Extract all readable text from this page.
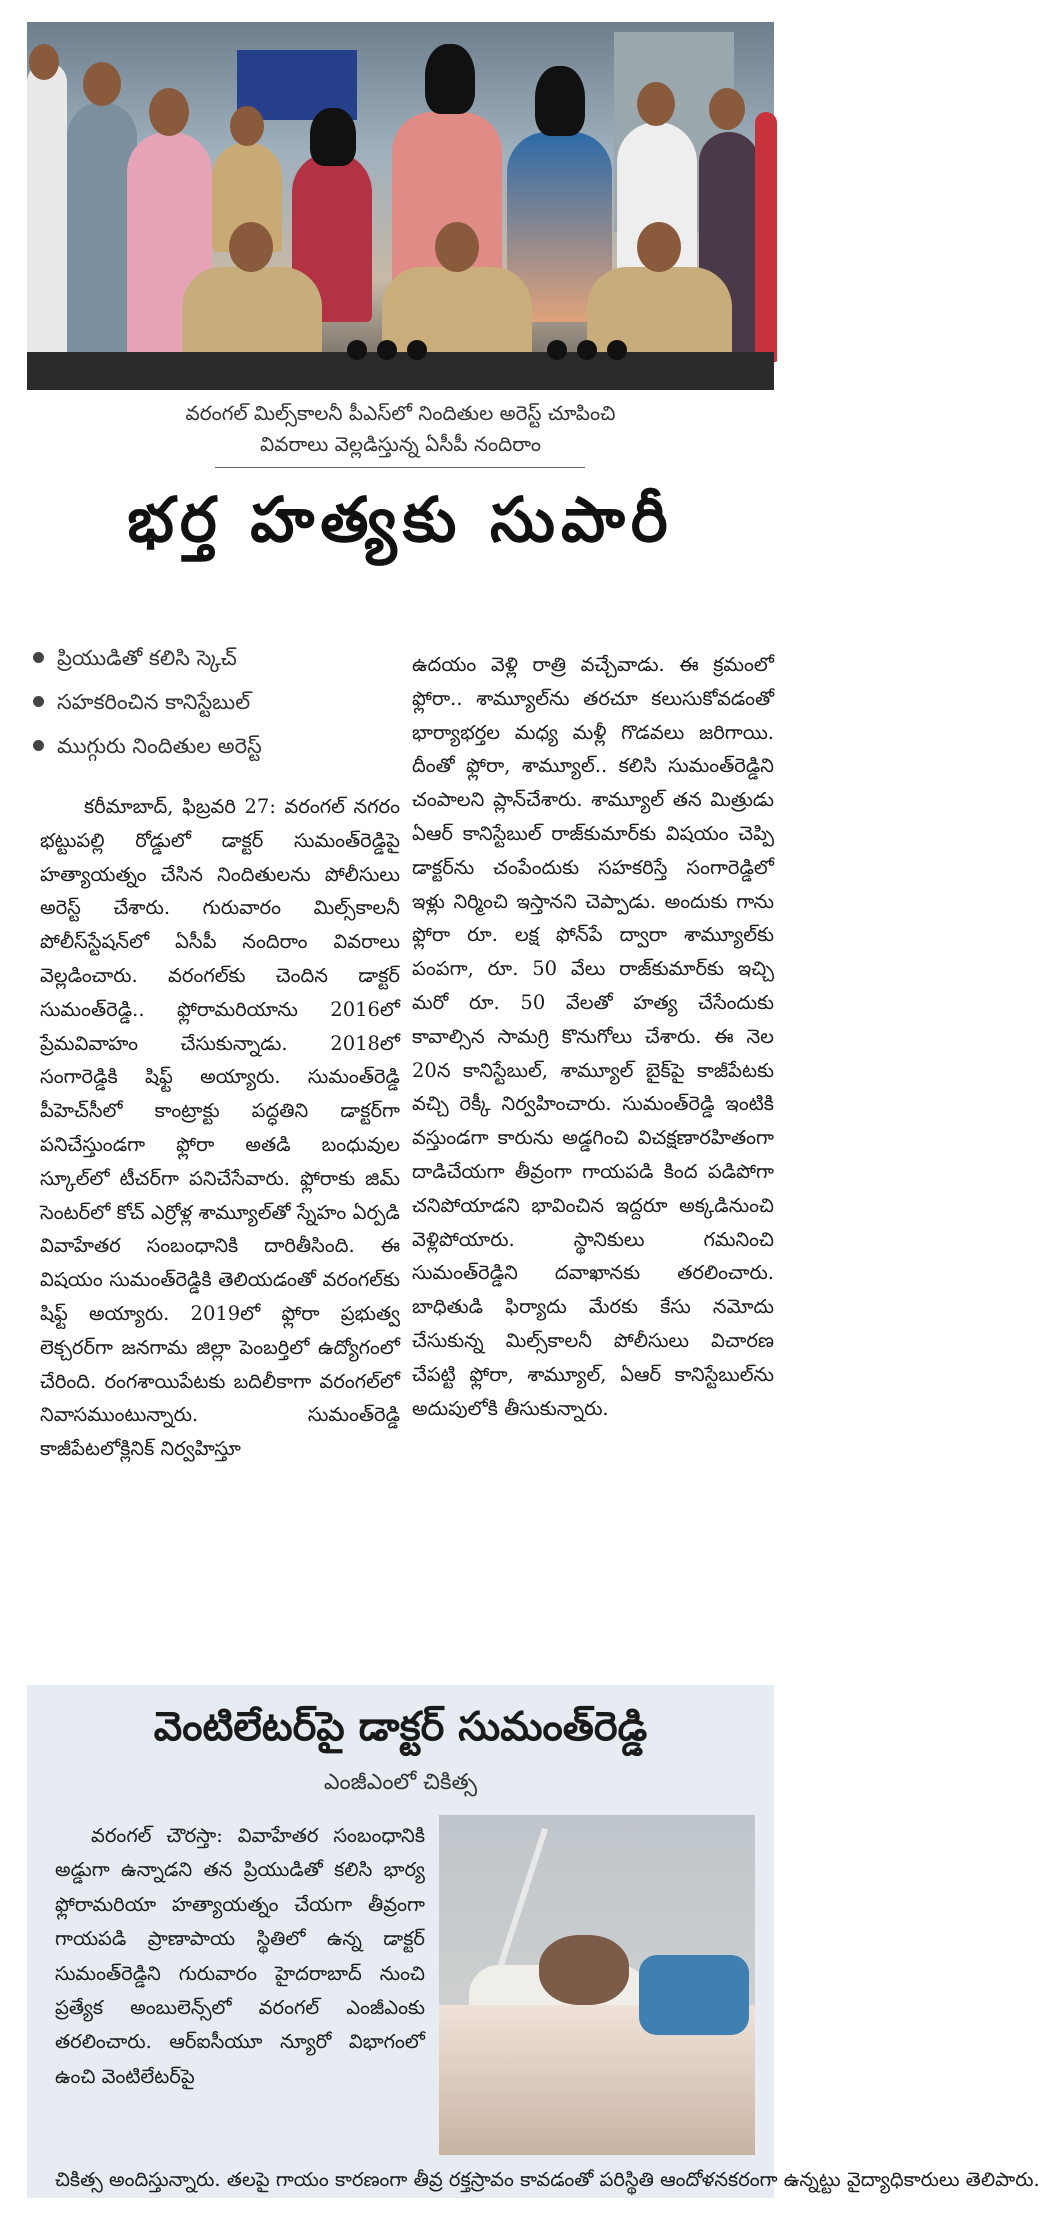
వరంగల్ మిల్స్‌కాలనీ పీఎస్‌లో నిందితుల అరెస్ట్ చూపించి
వివరాలు వెల్లడిస్తున్న ఏసీపీ నందిరాం
భర్త హత్యకు సుపారీ
ప్రియుడితో కలిసి స్కెచ్
సహకరించిన కానిస్టేబుల్
ముగ్గురు నిందితుల అరెస్ట్
కరీమాబాద్, ఫిబ్రవరి 27: వరంగల్ నగరం భట్టుపల్లి రోడ్డులో డాక్టర్ సుమంత్‌రెడ్డిపై హత్యాయత్నం చేసిన నిందితులను పోలీసులు అరెస్ట్‌ చేశారు. గురువారం మిల్స్‌కాలనీ పోలీస్‌స్టేషన్‌లో ఏసీపీ నందిరాం వివరాలు వెల్లడించారు. వరంగల్‌కు చెందిన డాక్టర్ సుమంత్‌రెడ్డి.. ఫ్లోరామరియాను 2016లో ప్రేమవివాహం చేసుకున్నాడు. 2018లో సంగారెడ్డికి షిఫ్ట్ అయ్యారు. సుమంత్‌రెడ్డి పీహెచ్‌సీలో కాంట్రాక్టు పద్ధతిని డాక్టర్‌గా పనిచేస్తుండగా ఫ్లోరా అతడి బంధువుల స్కూల్‌లో టీచర్‌గా పనిచేసేవారు. ఫ్లోరాకు జిమ్ సెంటర్‌లో కోచ్ ఎర్రోళ్ల శామ్యూల్‌తో స్నేహం ఏర్పడి వివాహేతర సంబంధానికి దారితీసింది. ఈ విషయం సుమంత్‌రెడ్డికి తెలియడంతో వరంగల్‌కు షిఫ్ట్ అయ్యారు. 2019లో ఫ్లోరా ప్రభుత్వ లెక్చరర్‌గా జనగామ జిల్లా పెంబర్తిలో ఉద్యోగంలో చేరింది. రంగశాయిపేటకు బదిలీకాగా వరంగల్‌లో నివాసముంటున్నారు. సుమంత్‌రెడ్డి కాజీపేటలోక్లినిక్ నిర్వహిస్తూ
ఉదయం వెళ్లి రాత్రి వచ్చేవాడు. ఈ క్రమంలో ఫ్లోరా.. శామ్యూల్‌ను తరచూ కలుసుకోవడంతో భార్యాభర్తల మధ్య మళ్లీ గొడవలు జరిగాయి. దీంతో ఫ్లోరా, శామ్యూల్.. కలిసి సుమంత్‌రెడ్డిని చంపాలని ప్లాన్‌చేశారు. శామ్యూల్ తన మిత్రుడు ఏఆర్ కానిస్టేబుల్ రాజ్‌కుమార్‌కు విషయం చెప్పి డాక్టర్‌ను చంపేందుకు సహకరిస్తే సంగారెడ్డిలో ఇళ్లు నిర్మించి ఇస్తానని చెప్పాడు. అందుకు గాను ఫ్లోరా రూ. లక్ష ఫోన్‌పే ద్వారా శామ్యూల్‌కు పంపగా, రూ. 50 వేలు రాజ్‌కుమార్‌కు ఇచ్చి మరో రూ. 50 వేలతో హత్య చేసేందుకు కావాల్సిన సామగ్రి కొనుగోలు చేశారు. ఈ నెల 20న కానిస్టేబుల్, శామ్యూల్ బైక్‌పై కాజీపేటకు వచ్చి రెక్కీ నిర్వహించారు. సుమంత్‌రెడ్డి ఇంటికి వస్తుండగా కారును అడ్డగించి విచక్షణారహితంగా దాడిచేయగా తీవ్రంగా గాయపడి కింద పడిపోగా చనిపోయాడని భావించిన ఇద్దరూ అక్కడినుంచి వెళ్లిపోయారు. స్థానికులు గమనించి సుమంత్‌రెడ్డిని దవాఖానకు తరలించారు. బాధితుడి ఫిర్యాదు మేరకు కేసు నమోదు చేసుకున్న మిల్స్‌కాలనీ పోలీసులు విచారణ చేపట్టి ఫ్లోరా, శామ్యూల్, ఏఆర్ కానిస్టేబుల్‌ను అదుపులోకి తీసుకున్నారు.
వెంటిలేటర్‌పై డాక్టర్ సుమంత్‌రెడ్డి
ఎంజీఎంలో చికిత్స
వరంగల్ చౌరస్తా: వివాహేతర సంబంధానికి అడ్డుగా ఉన్నాడని తన ప్రియుడితో కలిసి భార్య ఫ్లోరామరియా హత్యాయత్నం చేయగా తీవ్రంగా గాయపడి ప్రాణాపాయ స్థితిలో ఉన్న డాక్టర్ సుమంత్‌రెడ్డిని గురువారం హైదరాబాద్ నుంచి ప్రత్యేక అంబులెన్స్‌లో వరంగల్ ఎంజీఎంకు తరలించారు. ఆర్‌ఐసీయూ న్యూరో విభాగంలో ఉంచి వెంటిలేటర్‌పై
చికిత్స అందిస్తున్నారు. తలపై గాయం కారణంగా తీవ్ర రక్తస్రావం కావడంతో పరిస్థితి ఆందోళనకరంగా ఉన్నట్టు వైద్యాధికారులు తెలిపారు.
